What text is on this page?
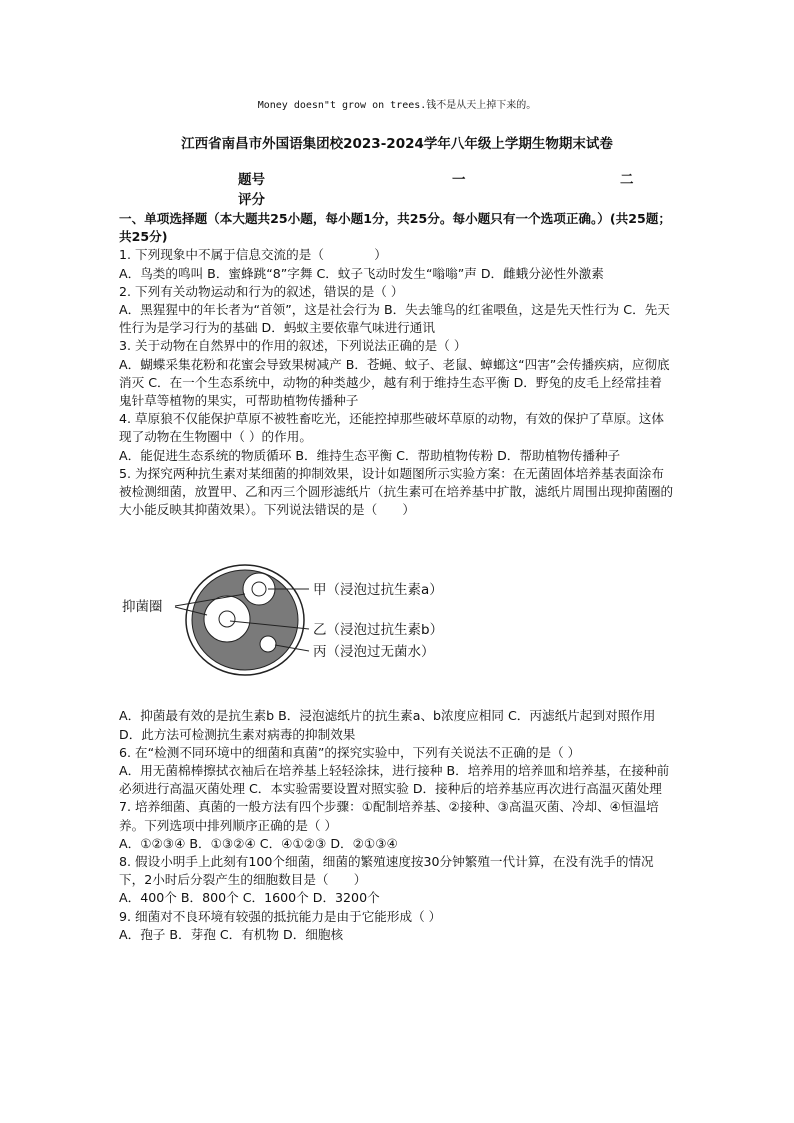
Money doesn"t grow on trees.钱不是从天上掉下来的。
江西省南昌市外国语集团校2023-2024学年八年级上学期生物期末试卷
题号	一	二
评分

一、单项选择题（本大题共25小题，每小题1分，共25分。每小题只有一个选项正确。）(共25题；共25分)

1. 下列现象中不属于信息交流的是（　　　　）

A．鸟类的鸣叫 B．蜜蜂跳“8”字舞 C．蚊子飞动时发生“嗡嗡”声 D．雌蛾分泌性外激素

2. 下列有关动物运动和行为的叙述，错误的是（ ）

A．黑猩猩中的年长者为“首领”，这是社会行为 B．失去雏鸟的红雀喂鱼，这是先天性行为 C．先天性行为是学习行为的基础 D．蚂蚁主要依靠气味进行通讯

3. 关于动物在自然界中的作用的叙述，下列说法正确的是（ ）

A．蝴蝶采集花粉和花蜜会导致果树减产 B．苍蝇、蚊子、老鼠、蟑螂这“四害”会传播疾病，应彻底消灭 C．在一个生态系统中，动物的种类越少，越有利于维持生态平衡 D．野兔的皮毛上经常挂着鬼针草等植物的果实，可帮助植物传播种子

4. 草原狼不仅能保护草原不被牲畜吃光，还能控掉那些破坏草原的动物，有效的保护了草原。这体现了动物在生物圈中（ ）的作用。

A．能促进生态系统的物质循环 B．维持生态平衡 C．帮助植物传粉 D．帮助植物传播种子

5. 为探究两种抗生素对某细菌的抑制效果，设计如题图所示实验方案：在无菌固体培养基表面涂布被检测细菌，放置甲、乙和丙三个圆形滤纸片（抗生素可在培养基中扩散，滤纸片周围出现抑菌圈的大小能反映其抑菌效果）。下列说法错误的是（　　）

抑菌圈
甲（浸泡过抗生素a）
乙（浸泡过抗生素b）
丙（浸泡过无菌水）

A．抑菌最有效的是抗生素b B．浸泡滤纸片的抗生素a、b浓度应相同 C．丙滤纸片起到对照作用 D．此方法可检测抗生素对病毒的抑制效果

6. 在“检测不同环境中的细菌和真菌”的探究实验中，下列有关说法不正确的是（ ）

A．用无菌棉棒擦拭衣袖后在培养基上轻轻涂抹，进行接种 B．培养用的培养皿和培养基，在接种前必须进行高温灭菌处理 C．本实验需要设置对照实验 D．接种后的培养基应再次进行高温灭菌处理

7. 培养细菌、真菌的一般方法有四个步骤：①配制培养基、②接种、③高温灭菌、冷却、④恒温培养。下列选项中排列顺序正确的是（ ）

A．①②③④ B．①③②④ C．④①②③ D．②①③④

8. 假设小明手上此刻有100个细菌，细菌的繁殖速度按30分钟繁殖一代计算，在没有洗手的情况下，2小时后分裂产生的细胞数目是（　　）

A．400个 B．800个 C．1600个 D．3200个

9. 细菌对不良环境有较强的抵抗能力是由于它能形成（ ）

A．孢子 B．芽孢 C．有机物 D．细胞核
